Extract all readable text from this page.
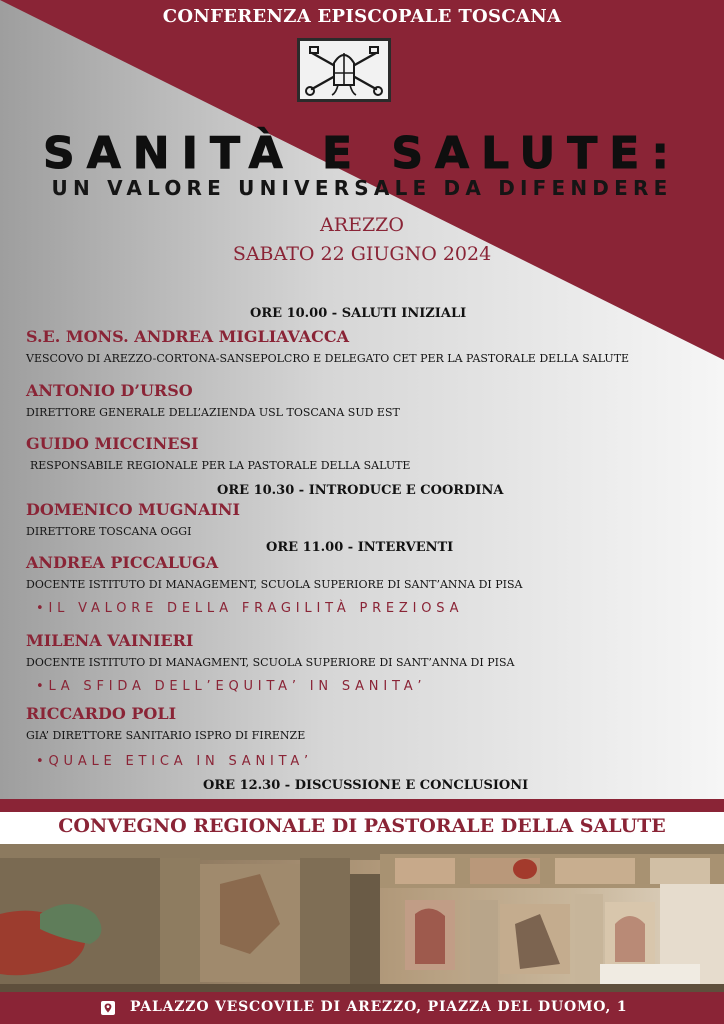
CONFERENZA EPISCOPALE TOSCANA
SANITÀ E SALUTE:
UN VALORE UNIVERSALE DA DIFENDERE
AREZZO
SABATO 22 GIUGNO 2024
ORE 10.00 - SALUTI INIZIALI
S.E. MONS. ANDREA MIGLIAVACCA
VESCOVO DI AREZZO-CORTONA-SANSEPOLCRO E DELEGATO CET PER LA PASTORALE DELLA SALUTE
ANTONIO D’URSO
DIRETTORE GENERALE DELL’AZIENDA USL TOSCANA SUD EST
GUIDO MICCINESI
RESPONSABILE REGIONALE PER LA PASTORALE DELLA SALUTE
ORE 10.30 - INTRODUCE E COORDINA
DOMENICO MUGNAINI
DIRETTORE TOSCANA OGGI
ORE 11.00 - INTERVENTI
ANDREA PICCALUGA
DOCENTE ISTITUTO DI MANAGEMENT, SCUOLA SUPERIORE DI SANT’ANNA DI PISA
•IL VALORE DELLA FRAGILITÀ PREZIOSA
MILENA VAINIERI
DOCENTE ISTITUTO DI MANAGMENT, SCUOLA SUPERIORE DI SANT’ANNA DI PISA
•LA SFIDA DELL’EQUITA’ IN SANITA’
RICCARDO POLI
GIA’ DIRETTORE SANITARIO ISPRO DI FIRENZE
•QUALE ETICA IN SANITA’
ORE 12.30 - DISCUSSIONE E CONCLUSIONI
CONVEGNO REGIONALE DI PASTORALE DELLA SALUTE
PALAZZO VESCOVILE DI AREZZO, PIAZZA DEL DUOMO, 1
